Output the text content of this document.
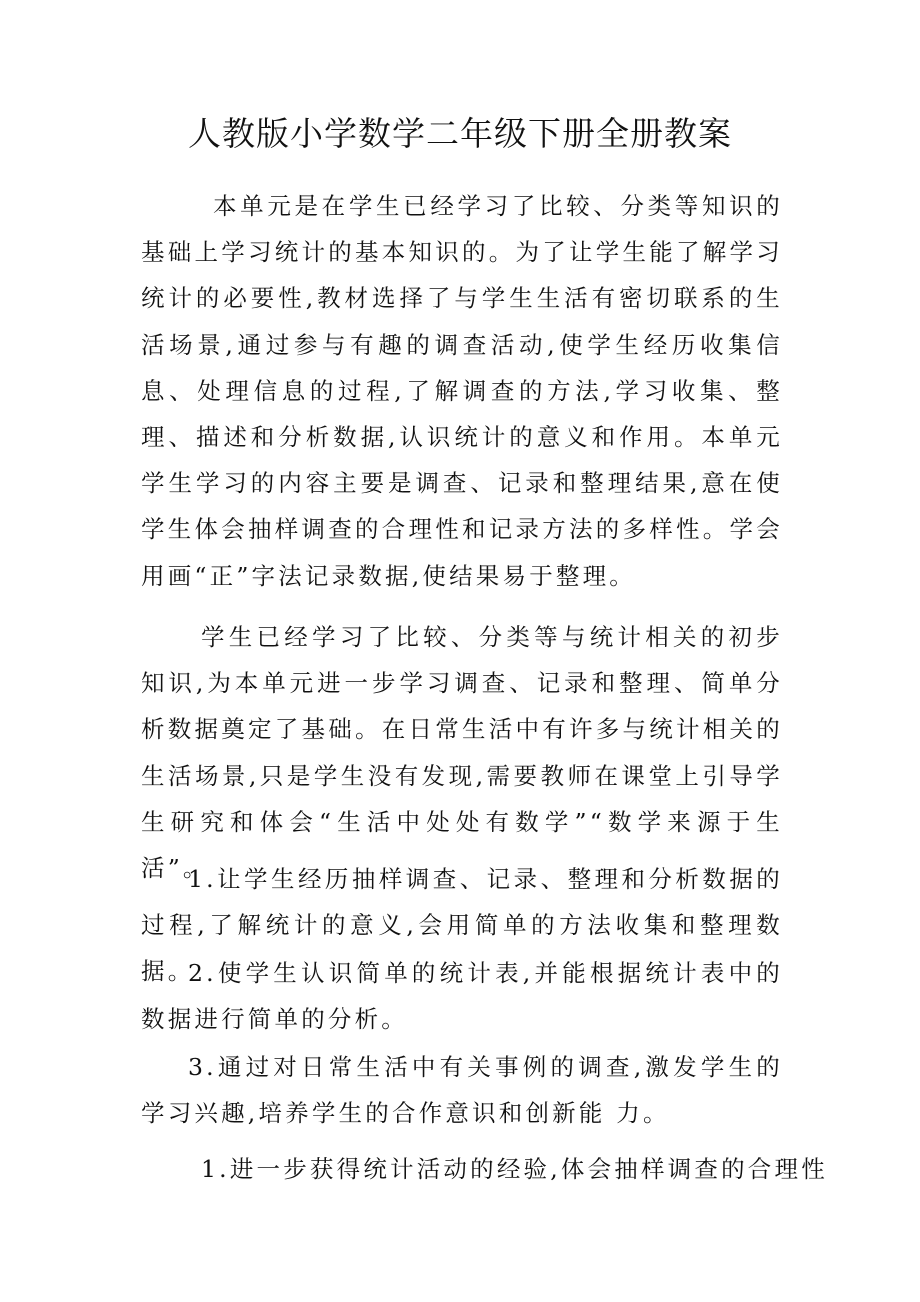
人教版小学数学二年级下册全册教案

本单元是在学生已经学习了比较、分类等知识的基础上学习统计的基本知识的。为了让学生能了解学习统计的必要性,教材选择了与学生生活有密切联系的生活场景,通过参与有趣的调查活动,使学生经历收集信息、处理信息的过程,了解调查的方法,学习收集、整理、描述和分析数据,认识统计的意义和作用。本单元学生学习的内容主要是调查、记录和整理结果,意在使学生体会抽样调查的合理性和记录方法的多样性。学会用画“正”字法记录数据,使结果易于整理。

学生已经学习了比较、分类等与统计相关的初步知识,为本单元进一步学习调查、记录和整理、简单分析数据奠定了基础。在日常生活中有许多与统计相关的生活场景,只是学生没有发现,需要教师在课堂上引导学生研究和体会“生活中处处有数学”“数学来源于生活”。

1.让学生经历抽样调查、记录、整理和分析数据的过程,了解统计的意义,会用简单的方法收集和整理数据。

2.使学生认识简单的统计表,并能根据统计表中的数据进行简单的分析。

3.通过对日常生活中有关事例的调查,激发学生的学习兴趣,培养学生的合作意识和创新能 力。

1.进一步获得统计活动的经验,体会抽样调查的合理性
